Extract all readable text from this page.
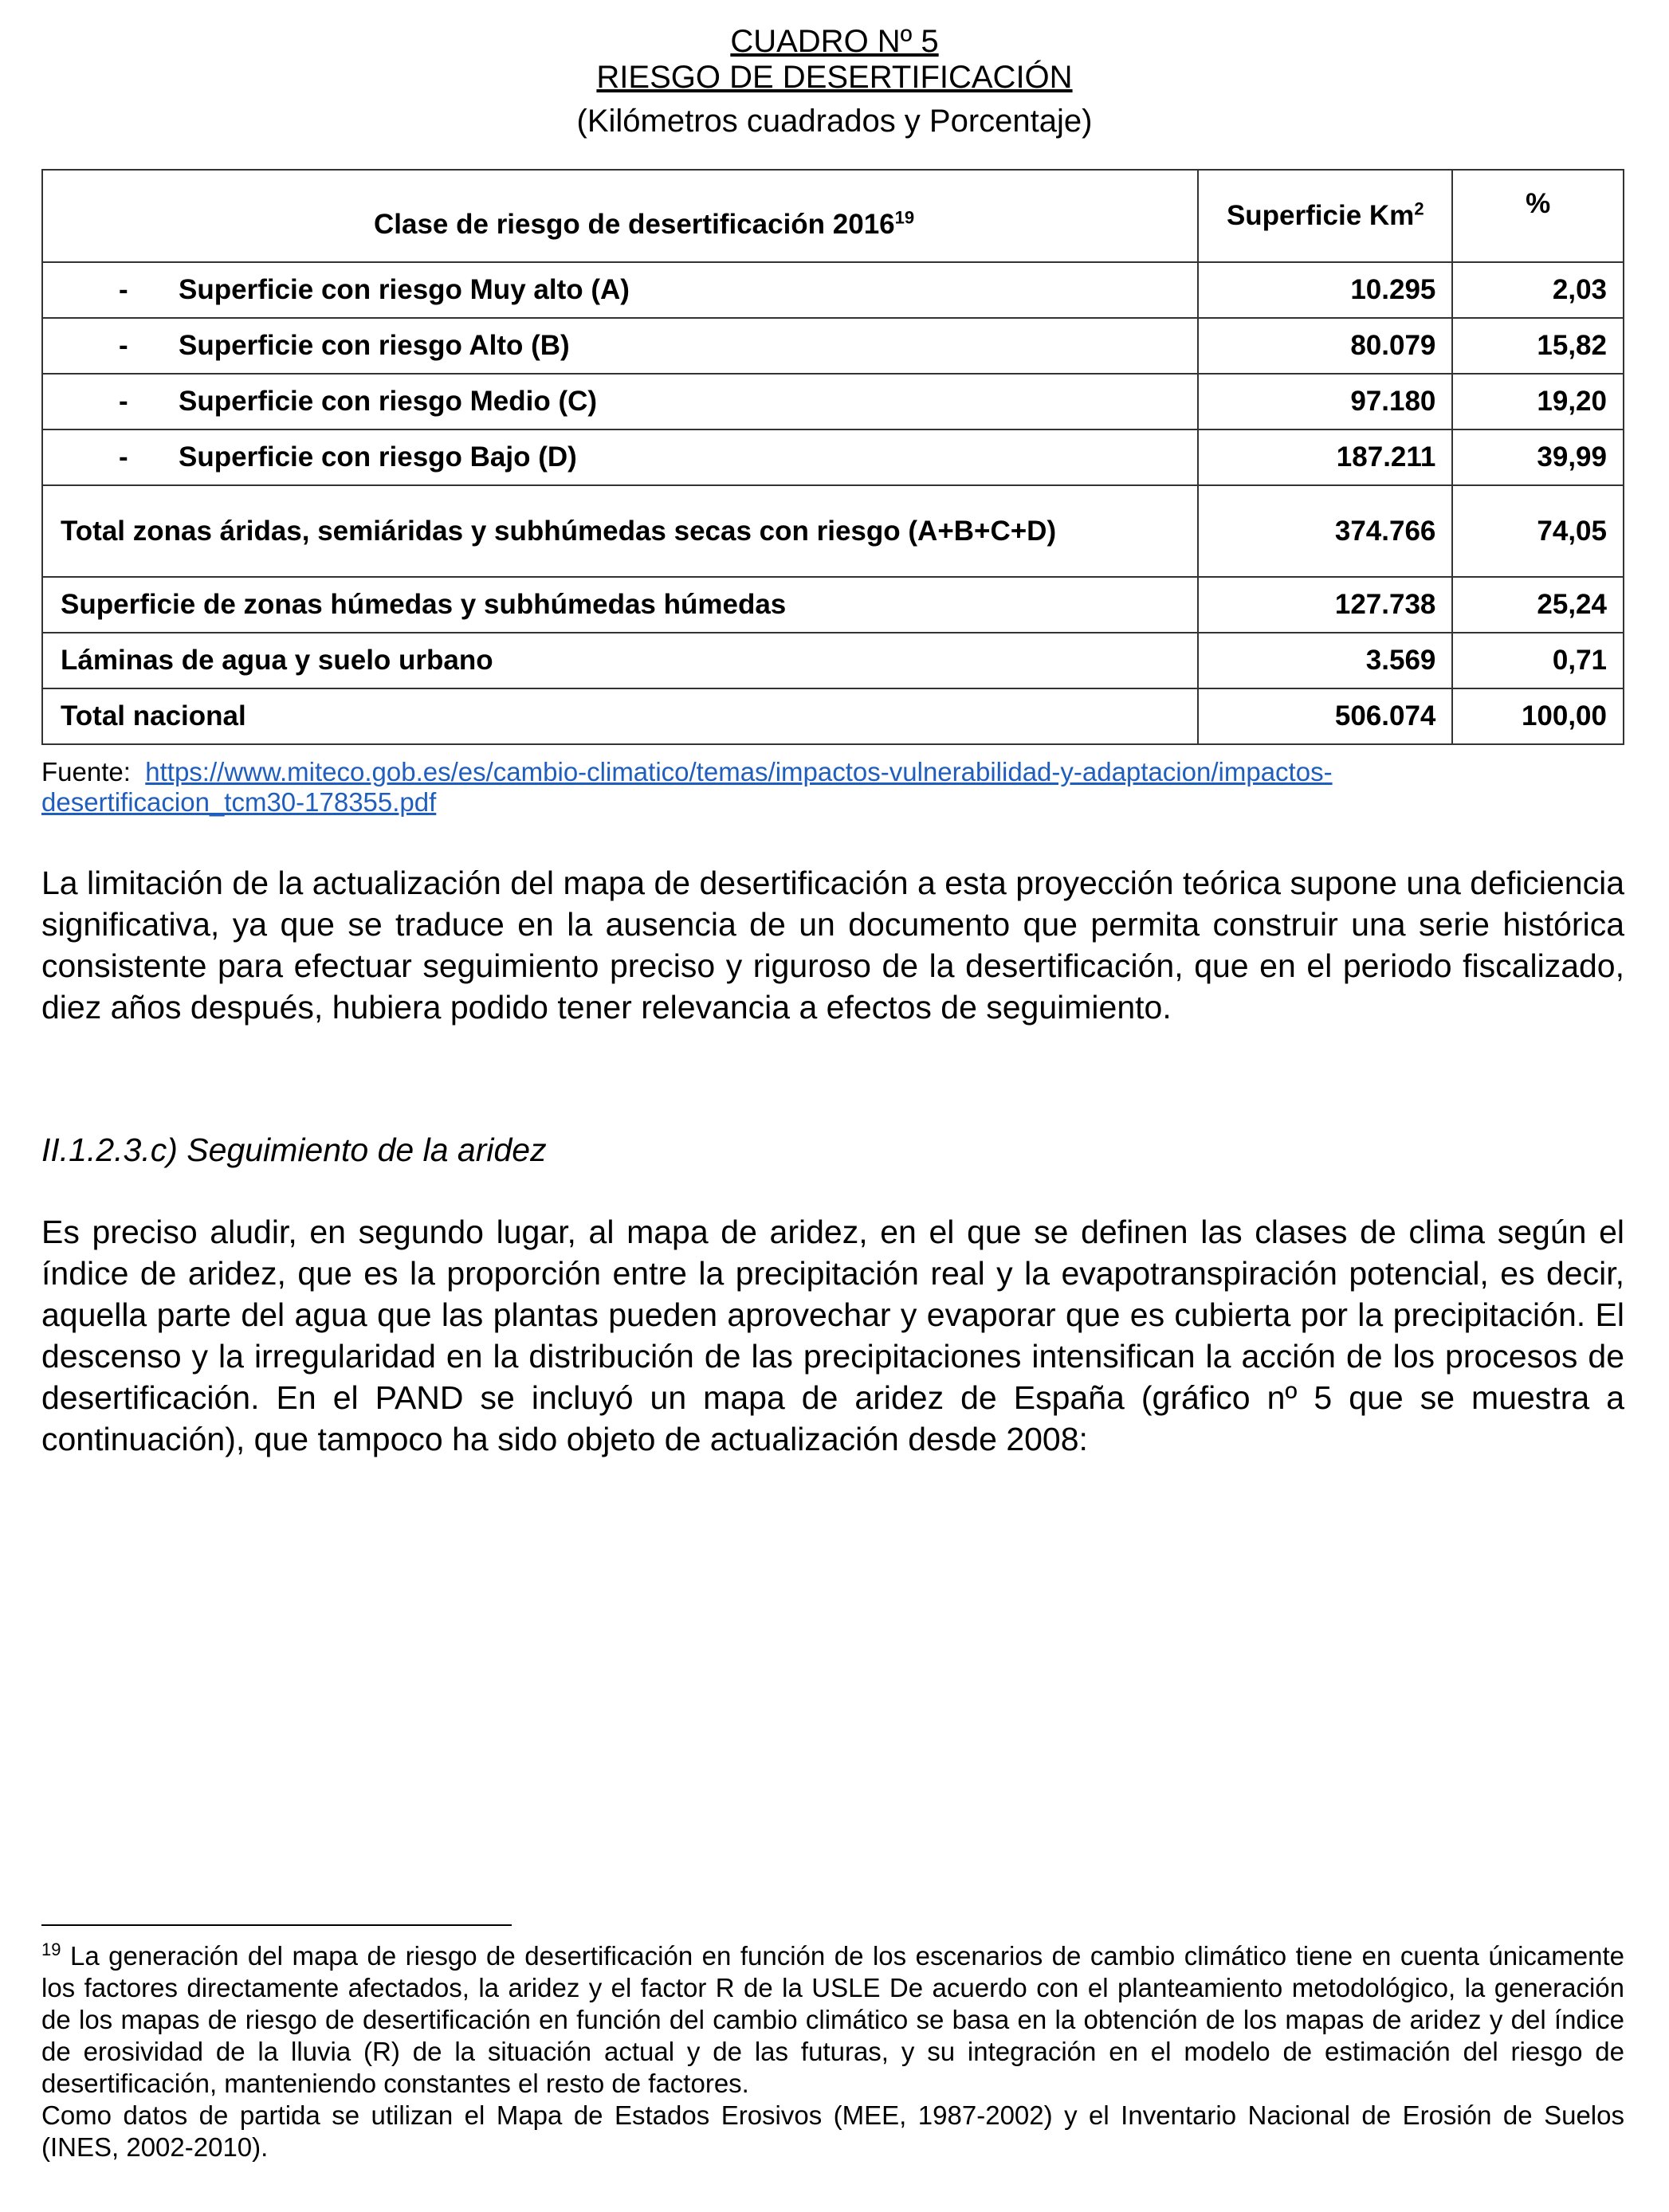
CUADRO Nº 5
RIESGO DE DESERTIFICACIÓN
(Kilómetros cuadrados y Porcentaje)
Clase de riesgo de desertificación 2016$^{19}$	Superficie Km$^2$	%
- Superficie con riesgo Muy alto (A)	10.295	2,03
- Superficie con riesgo Alto (B)	80.079	15,82
- Superficie con riesgo Medio (C)	97.180	19,20
- Superficie con riesgo Bajo (D)	187.211	39,99
Total zonas áridas, semiáridas y subhúmedas secas con riesgo (A+B+C+D)	374.766	74,05
Superficie de zonas húmedas y subhúmedas húmedas	127.738	25,24
Láminas de agua y suelo urbano	3.569	0,71
Total nacional	506.074	100,00
Fuente: https://www.miteco.gob.es/es/cambio-climatico/temas/impactos-vulnerabilidad-y-adaptacion/impactos-
desertificacion_tcm30-178355.pdf
La limitación de la actualización del mapa de desertificación a esta proyección teórica supone una deficiencia significativa, ya que se traduce en la ausencia de un documento que permita construir una serie histórica consistente para efectuar seguimiento preciso y riguroso de la desertificación, que en el periodo fiscalizado, diez años después, hubiera podido tener relevancia a efectos de seguimiento.
II.1.2.3.c) Seguimiento de la aridez
Es preciso aludir, en segundo lugar, al mapa de aridez, en el que se definen las clases de clima según el índice de aridez, que es la proporción entre la precipitación real y la evapotranspiración potencial, es decir, aquella parte del agua que las plantas pueden aprovechar y evaporar que es cubierta por la precipitación. El descenso y la irregularidad en la distribución de las precipitaciones intensifican la acción de los procesos de desertificación. En el PAND se incluyó un mapa de aridez de España (gráfico nº 5 que se muestra a continuación), que tampoco ha sido objeto de actualización desde 2008:

$^{19}$ La generación del mapa de riesgo de desertificación en función de los escenarios de cambio climático tiene en cuenta únicamente los factores directamente afectados, la aridez y el factor R de la USLE De acuerdo con el planteamiento metodológico, la generación de los mapas de riesgo de desertificación en función del cambio climático se basa en la obtención de los mapas de aridez y del índice de erosividad de la lluvia (R) de la situación actual y de las futuras, y su integración en el modelo de estimación del riesgo de desertificación, manteniendo constantes el resto de factores.

Como datos de partida se utilizan el Mapa de Estados Erosivos (MEE, 1987-2002) y el Inventario Nacional de Erosión de Suelos (INES, 2002-2010).
